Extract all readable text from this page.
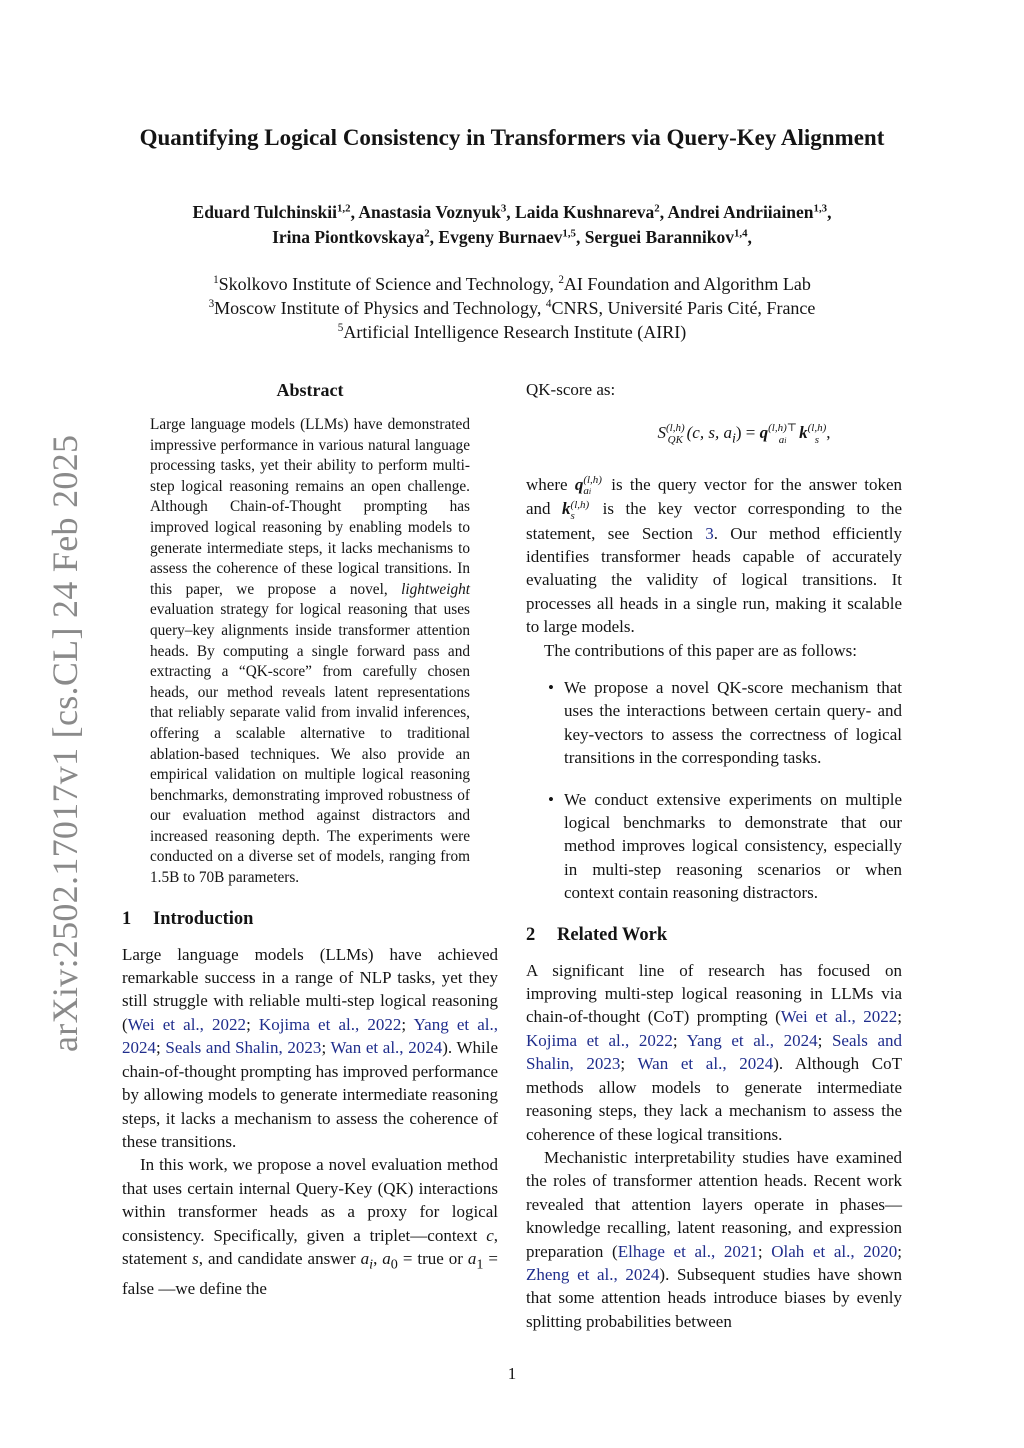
arXiv:2502.17017v1 [cs.CL] 24 Feb 2025
Quantifying Logical Consistency in Transformers via Query-Key Alignment
Eduard Tulchinskii$^{1,2}$, Anastasia Voznyuk$^3$, Laida Kushnareva$^2$, Andrei Andriiainen$^{1,3}$,
Irina Piontkovskaya$^2$, Evgeny Burnaev$^{1,5}$, Serguei Barannikov$^{1,4}$,
$^1$Skolkovo Institute of Science and Technology, $^2$AI Foundation and Algorithm Lab
$^3$Moscow Institute of Physics and Technology, $^4$CNRS, Université Paris Cité, France
$^5$Artificial Intelligence Research Institute (AIRI)
Abstract

Large language models (LLMs) have demonstrated impressive performance in various natural language processing tasks, yet their ability to perform multi-step logical reasoning remains an open challenge. Although Chain-of-Thought prompting has improved logical reasoning by enabling models to generate intermediate steps, it lacks mechanisms to assess the coherence of these logical transitions. In this paper, we propose a novel, lightweight evaluation strategy for logical reasoning that uses query–key alignments inside transformer attention heads. By computing a single forward pass and extracting a “QK-score” from carefully chosen heads, our method reveals latent representations that reliably separate valid from invalid inferences, offering a scalable alternative to traditional ablation-based techniques. We also provide an empirical validation on multiple logical reasoning benchmarks, demonstrating improved robustness of our evaluation method against distractors and increased reasoning depth. The experiments were conducted on a diverse set of models, ranging from 1.5B to 70B parameters.

1 Introduction

Large language models (LLMs) have achieved remarkable success in a range of NLP tasks, yet they still struggle with reliable multi-step logical reasoning (Wei et al., 2022; Kojima et al., 2022; Yang et al., 2024; Seals and Shalin, 2023; Wan et al., 2024). While chain-of-thought prompting has improved performance by allowing models to generate intermediate reasoning steps, it lacks a mechanism to assess the coherence of these transitions.

In this work, we propose a novel evaluation method that uses certain internal Query-Key (QK) interactions within transformer heads as a proxy for logical consistency. Specifically, given a triplet—context c, statement s, and candidate answer $a_i$, $a_0$ = true or $a_1$ = false —we define the

QK-score as:

S (l,h)
QK (c, s, $a_i) = q$ (l,h)⊤
ai k (l,h)
s ,

where q (l,h)
ai is the query vector for the answer token and k (l,h)
s is the key vector corresponding to the statement, see Section 3. Our method efficiently identifies transformer heads capable of accurately evaluating the validity of logical transitions. It processes all heads in a single run, making it scalable to large models.

The contributions of this paper are as follows:

• We propose a novel QK-score mechanism that uses the interactions between certain query- and key-vectors to assess the correctness of logical transitions in the corresponding tasks.
• We conduct extensive experiments on multiple logical benchmarks to demonstrate that our method improves logical consistency, especially in multi-step reasoning scenarios or when context contain reasoning distractors.
2 Related Work

A significant line of research has focused on improving multi-step logical reasoning in LLMs via chain-of-thought (CoT) prompting (Wei et al., 2022; Kojima et al., 2022; Yang et al., 2024; Seals and Shalin, 2023; Wan et al., 2024). Although CoT methods allow models to generate intermediate reasoning steps, they lack a mechanism to assess the coherence of these logical transitions.

Mechanistic interpretability studies have examined the roles of transformer attention heads. Recent work revealed that attention layers operate in phases—knowledge recalling, latent reasoning, and expression preparation (Elhage et al., 2021; Olah et al., 2020; Zheng et al., 2024). Subsequent studies have shown that some attention heads introduce biases by evenly splitting probabilities between

1
